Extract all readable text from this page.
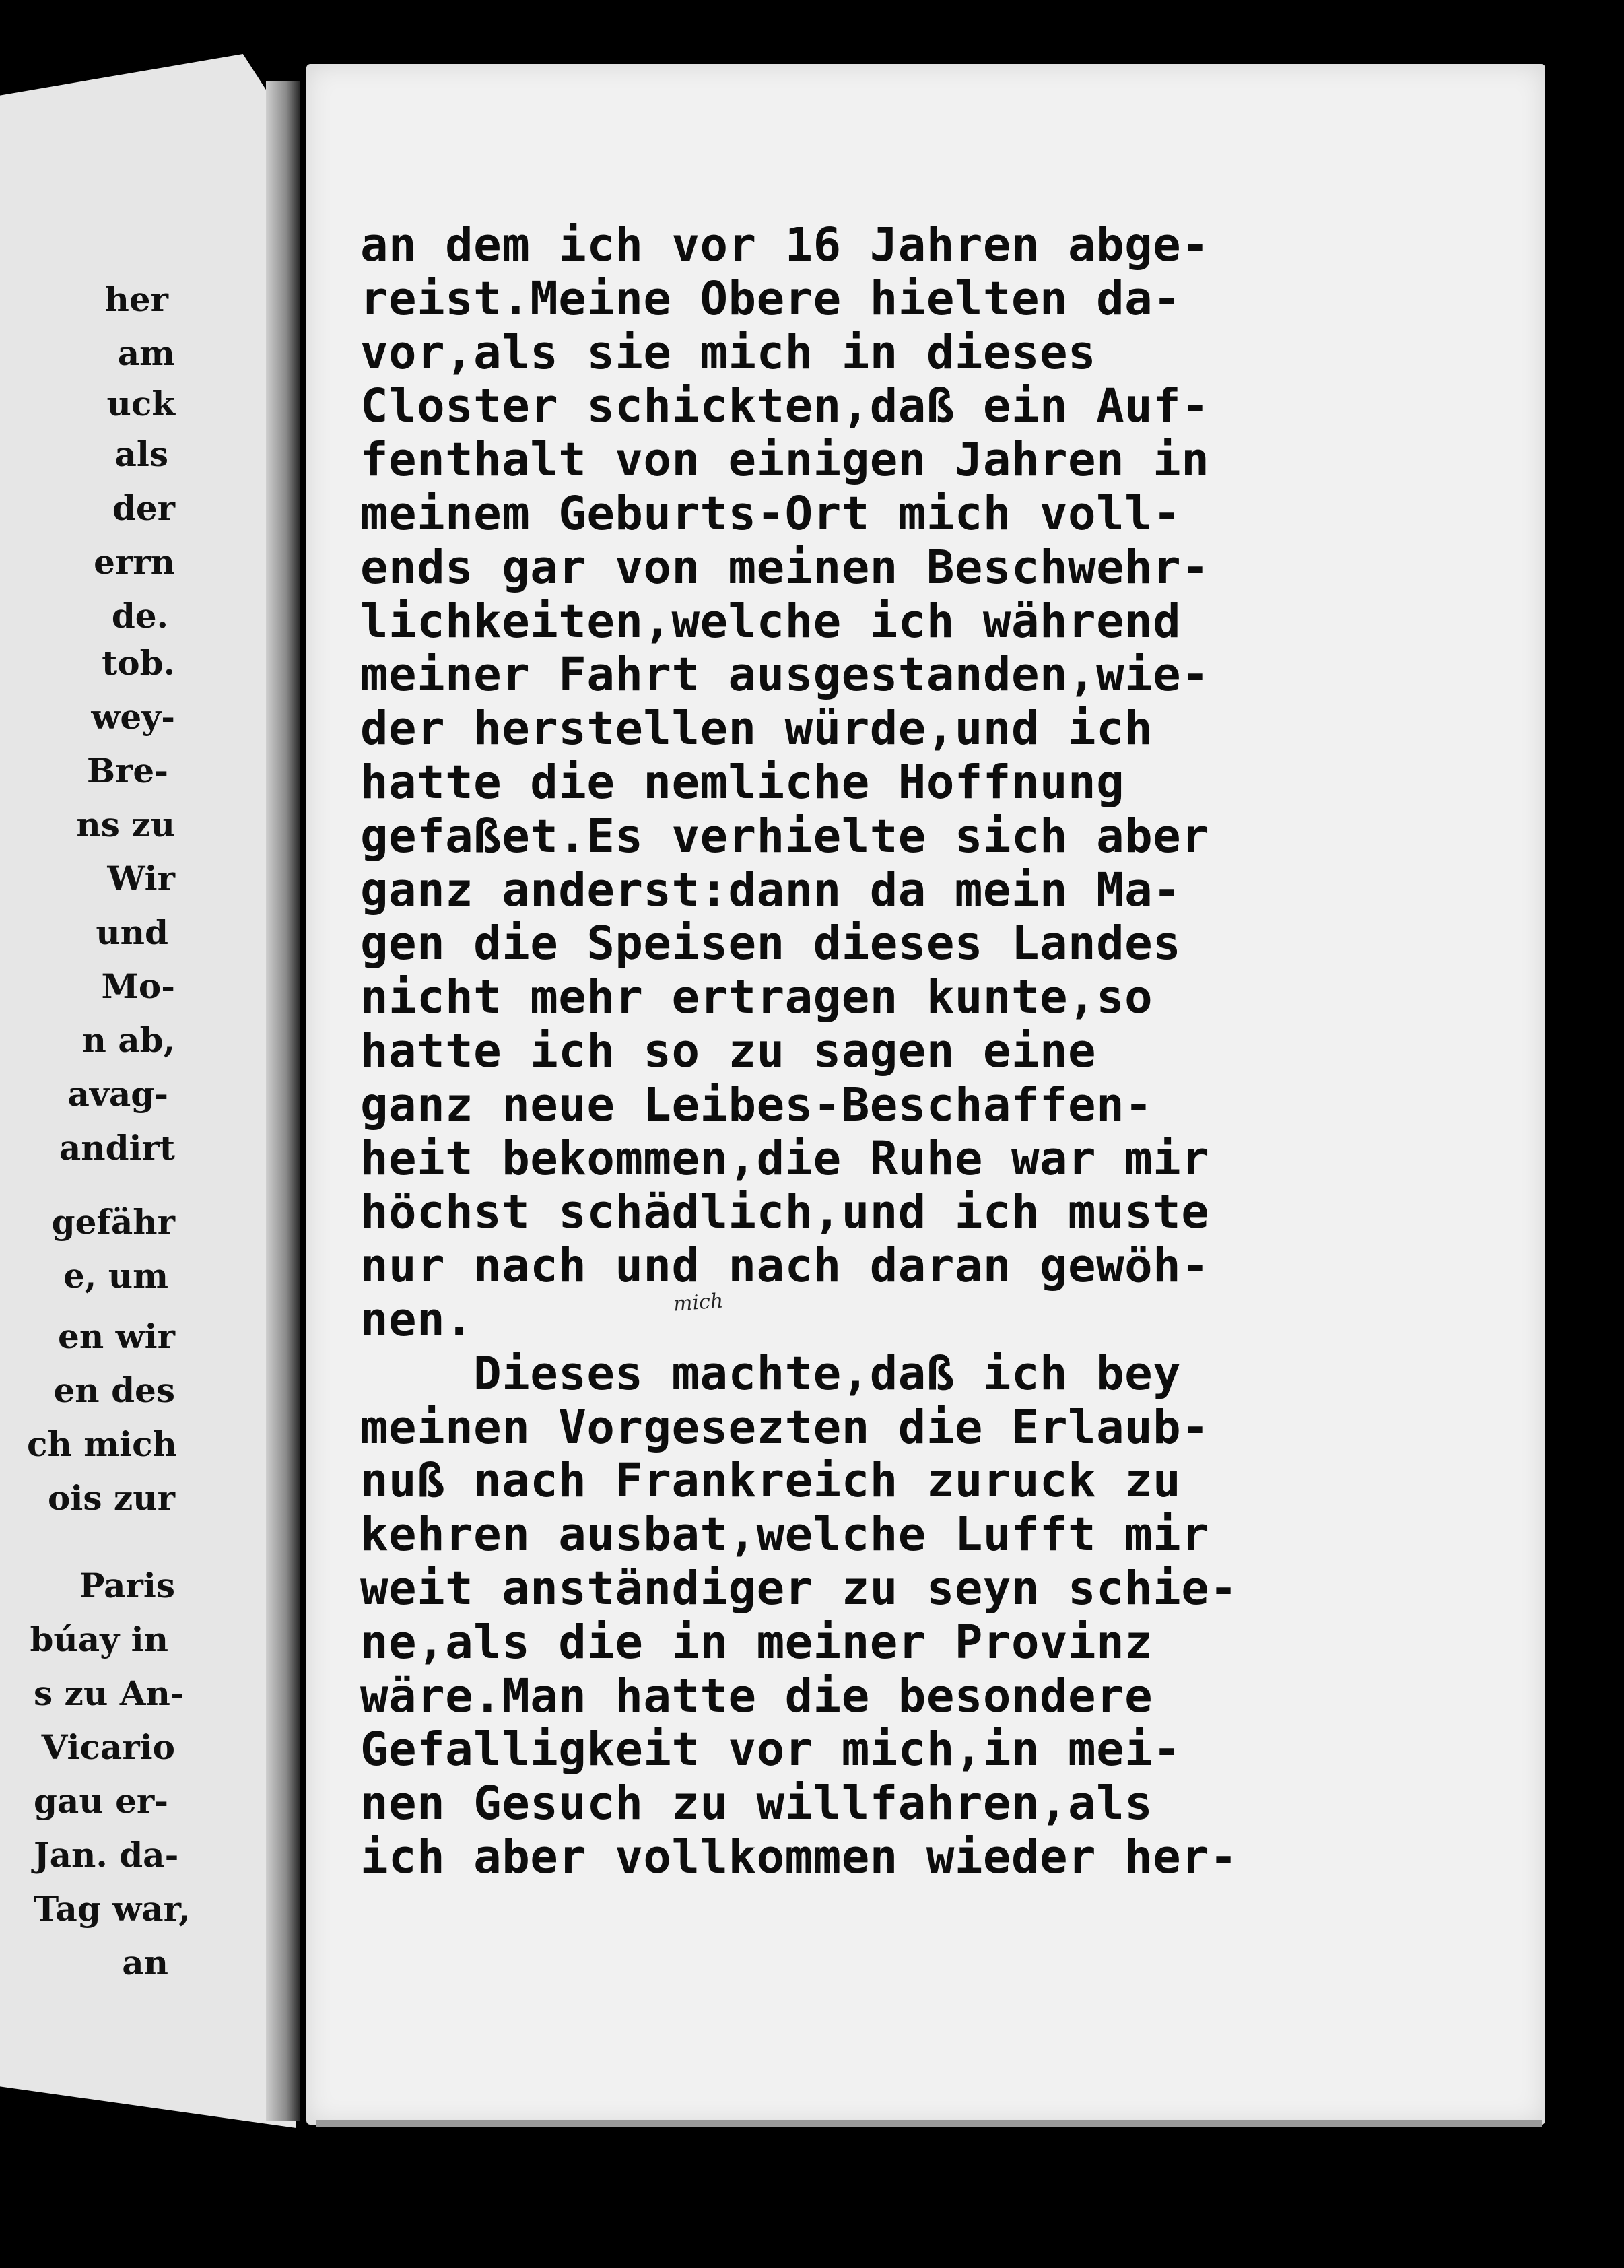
her
am
uck
als
der
errn
de.
tob.
wey-
Bre-
ns zu
Wir
und
Mo-
n ab,
avag-
andirt
gefähr
e, um
en wir
en des
ch mich
ois zur
Paris
búay in
s zu An-
Vicario
gau er-
Jan. da-
Tag war,
an
an dem ich vor 16 Jahren abge-
reist.Meine Obere hielten da-
vor,als sie mich in dieses
Closter schickten,daß ein Auf-
fenthalt von einigen Jahren in
meinem Geburts-Ort mich voll-
ends gar von meinen Beschwehr-
lichkeiten,welche ich während
meiner Fahrt ausgestanden,wie-
der herstellen würde,und ich
hatte die nemliche Hoffnung
gefaßet.Es verhielte sich aber
ganz anderst:dann da mein Ma-
gen die Speisen dieses Landes
nicht mehr ertragen kunte,so
hatte ich so zu sagen eine
ganz neue Leibes-Beschaffen-
heit bekommen,die Ruhe war mir
höchst schädlich,und ich muste
nur nach und nach daran gewöh-
nen.
Dieses machte,daß ich bey
meinen Vorgesezten die Erlaub-
nuß nach Frankreich zuruck zu
kehren ausbat,welche Lufft mir
weit anständiger zu seyn schie-
ne,als die in meiner Provinz
wäre.Man hatte die besondere
Gefalligkeit vor mich,in mei-
nen Gesuch zu willfahren,als
ich aber vollkommen wieder her-
mich
